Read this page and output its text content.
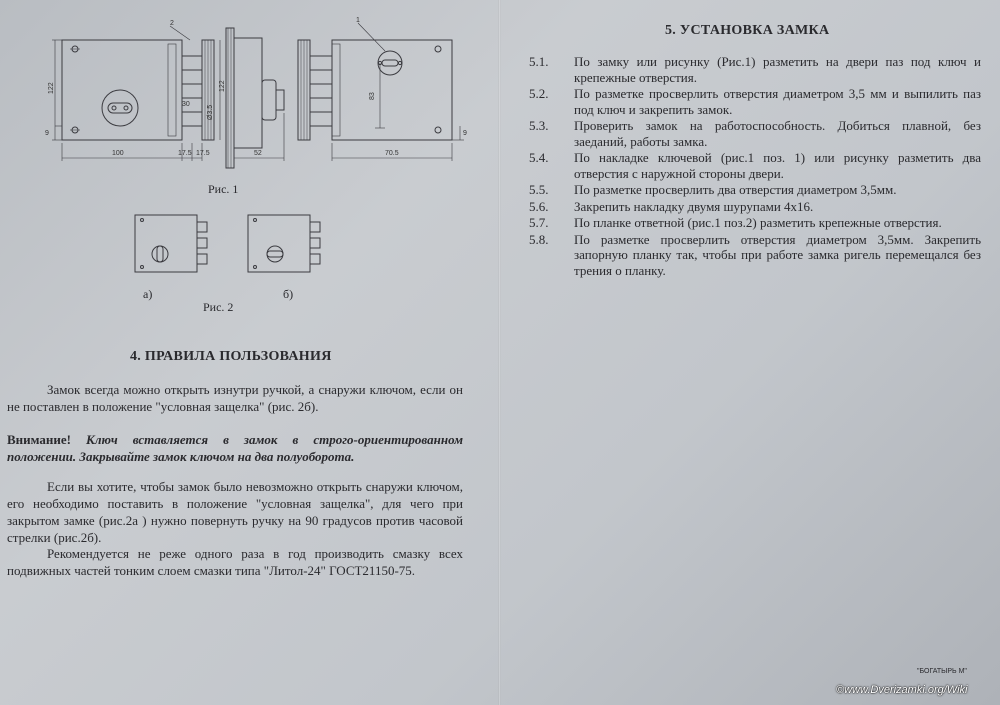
2	1
122
9
100	17.5 17.5
30
122
Ø3.5
52
83
70.5
9
Рис. 1
а)	б)
Рис. 2
4. ПРАВИЛА ПОЛЬЗОВАНИЯ

Замок всегда можно открыть изнутри ручкой, а снаружи ключом, если он не поставлен в положение "условная защелка" (рис. 2б).

Внимание! Ключ вставляется в замок в строго-ориентированном положении. Закрывайте замок ключом на два полуоборота.

Если вы хотите, чтобы замок было невозможно открыть снаружи ключом, его необходимо поставить в положение "условная защелка", для чего при закрытом замке (рис.2а ) нужно повернуть ручку на 90 градусов против часовой стрелки (рис.2б).

Рекомендуется не реже одного раза в год производить смазку всех подвижных частей тонким слоем смазки типа "Литол-24" ГОСТ21150-75.

5. УСТАНОВКА ЗАМКА
5.1.	По замку или рисунку (Рис.1) разметить на двери паз под ключ и крепежные отверстия.
5.2.	По разметке просверлить отверстия диаметром 3,5 мм и выпилить паз под ключ и закрепить замок.
5.3.	Проверить замок на работоспособность. Добиться плавной, без заеданий, работы замка.
5.4.	По накладке ключевой (рис.1 поз. 1) или рисунку разметить два отверстия с наружной стороны двери.
5.5.	По разметке просверлить два отверстия диаметром 3,5мм.
5.6.	Закрепить накладку двумя шурупами 4х16.
5.7.	По планке ответной (рис.1 поз.2) разметить крепежные отверстия.
5.8.	По разметке просверлить отверстия диаметром 3,5мм. Закрепить запорную планку так, чтобы при работе замка ригель перемещался без трения о планку.
"БОГАТЫРЬ М"
©www.Dverizamki.org/Wiki
